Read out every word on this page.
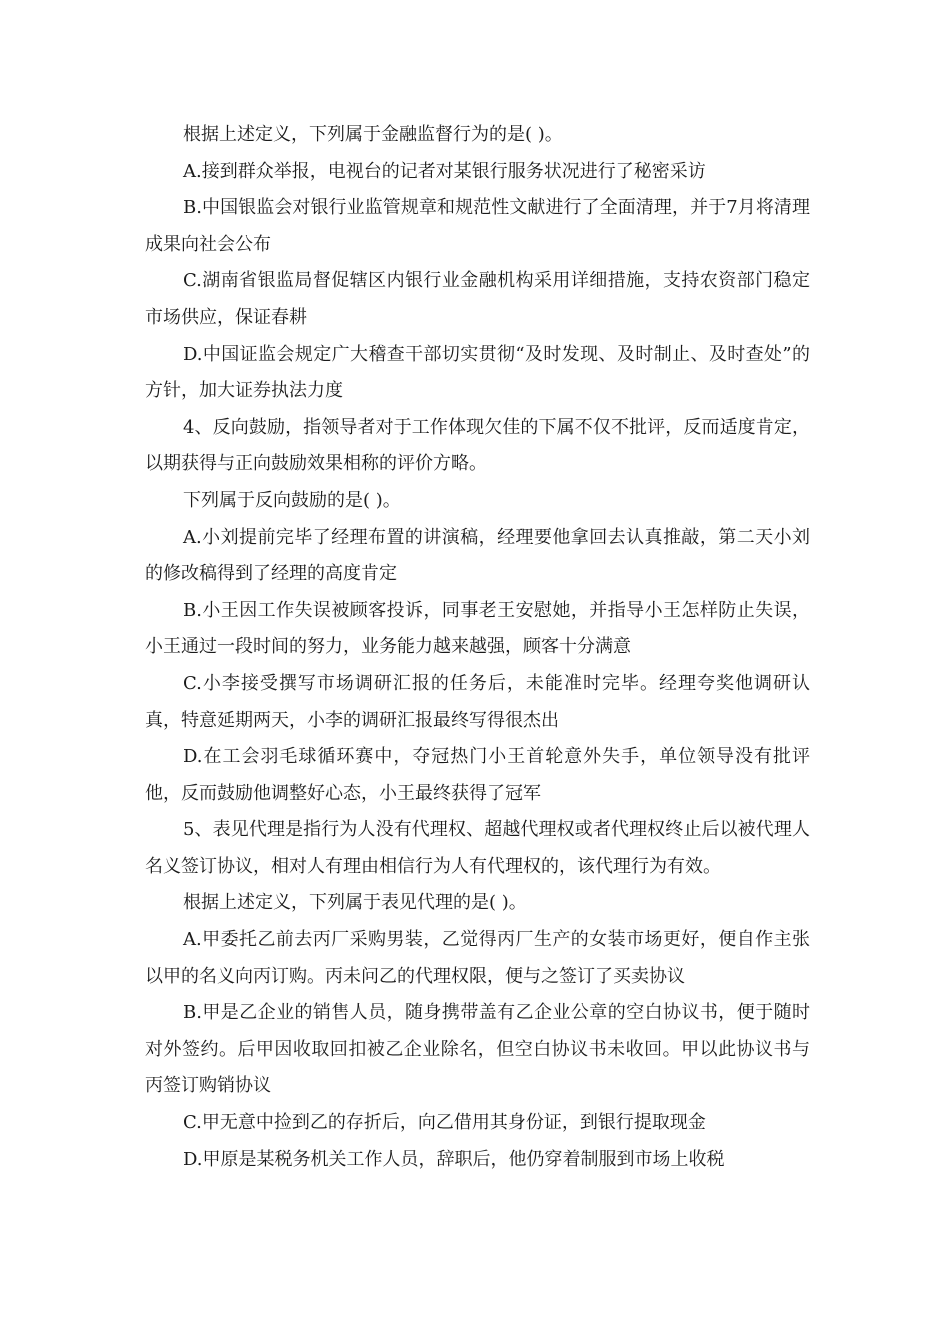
根据上述定义，下列属于金融监督行为的是( )。

A.接到群众举报，电视台的记者对某银行服务状况进行了秘密采访

B.中国银监会对银行业监管规章和规范性文献进行了全面清理，并于7月将清理成果向社会公布

C.湖南省银监局督促辖区内银行业金融机构采用详细措施，支持农资部门稳定市场供应，保证春耕

D.中国证监会规定广大稽查干部切实贯彻“及时发现、及时制止、及时查处”的方针，加大证券执法力度

4、反向鼓励，指领导者对于工作体现欠佳的下属不仅不批评，反而适度肯定，以期获得与正向鼓励效果相称的评价方略。

下列属于反向鼓励的是( )。

A.小刘提前完毕了经理布置的讲演稿，经理要他拿回去认真推敲，第二天小刘的修改稿得到了经理的高度肯定

B.小王因工作失误被顾客投诉，同事老王安慰她，并指导小王怎样防止失误，小王通过一段时间的努力，业务能力越来越强，顾客十分满意

C.小李接受撰写市场调研汇报的任务后，未能准时完毕。经理夸奖他调研认真，特意延期两天，小李的调研汇报最终写得很杰出

D.在工会羽毛球循环赛中，夺冠热门小王首轮意外失手，单位领导没有批评他，反而鼓励他调整好心态，小王最终获得了冠军

5、表见代理是指行为人没有代理权、超越代理权或者代理权终止后以被代理人名义签订协议，相对人有理由相信行为人有代理权的，该代理行为有效。

根据上述定义，下列属于表见代理的是( )。

A.甲委托乙前去丙厂采购男装，乙觉得丙厂生产的女装市场更好，便自作主张以甲的名义向丙订购。丙未问乙的代理权限，便与之签订了买卖协议

B.甲是乙企业的销售人员，随身携带盖有乙企业公章的空白协议书，便于随时对外签约。后甲因收取回扣被乙企业除名，但空白协议书未收回。甲以此协议书与丙签订购销协议

C.甲无意中捡到乙的存折后，向乙借用其身份证，到银行提取现金

D.甲原是某税务机关工作人员，辞职后，他仍穿着制服到市场上收税
